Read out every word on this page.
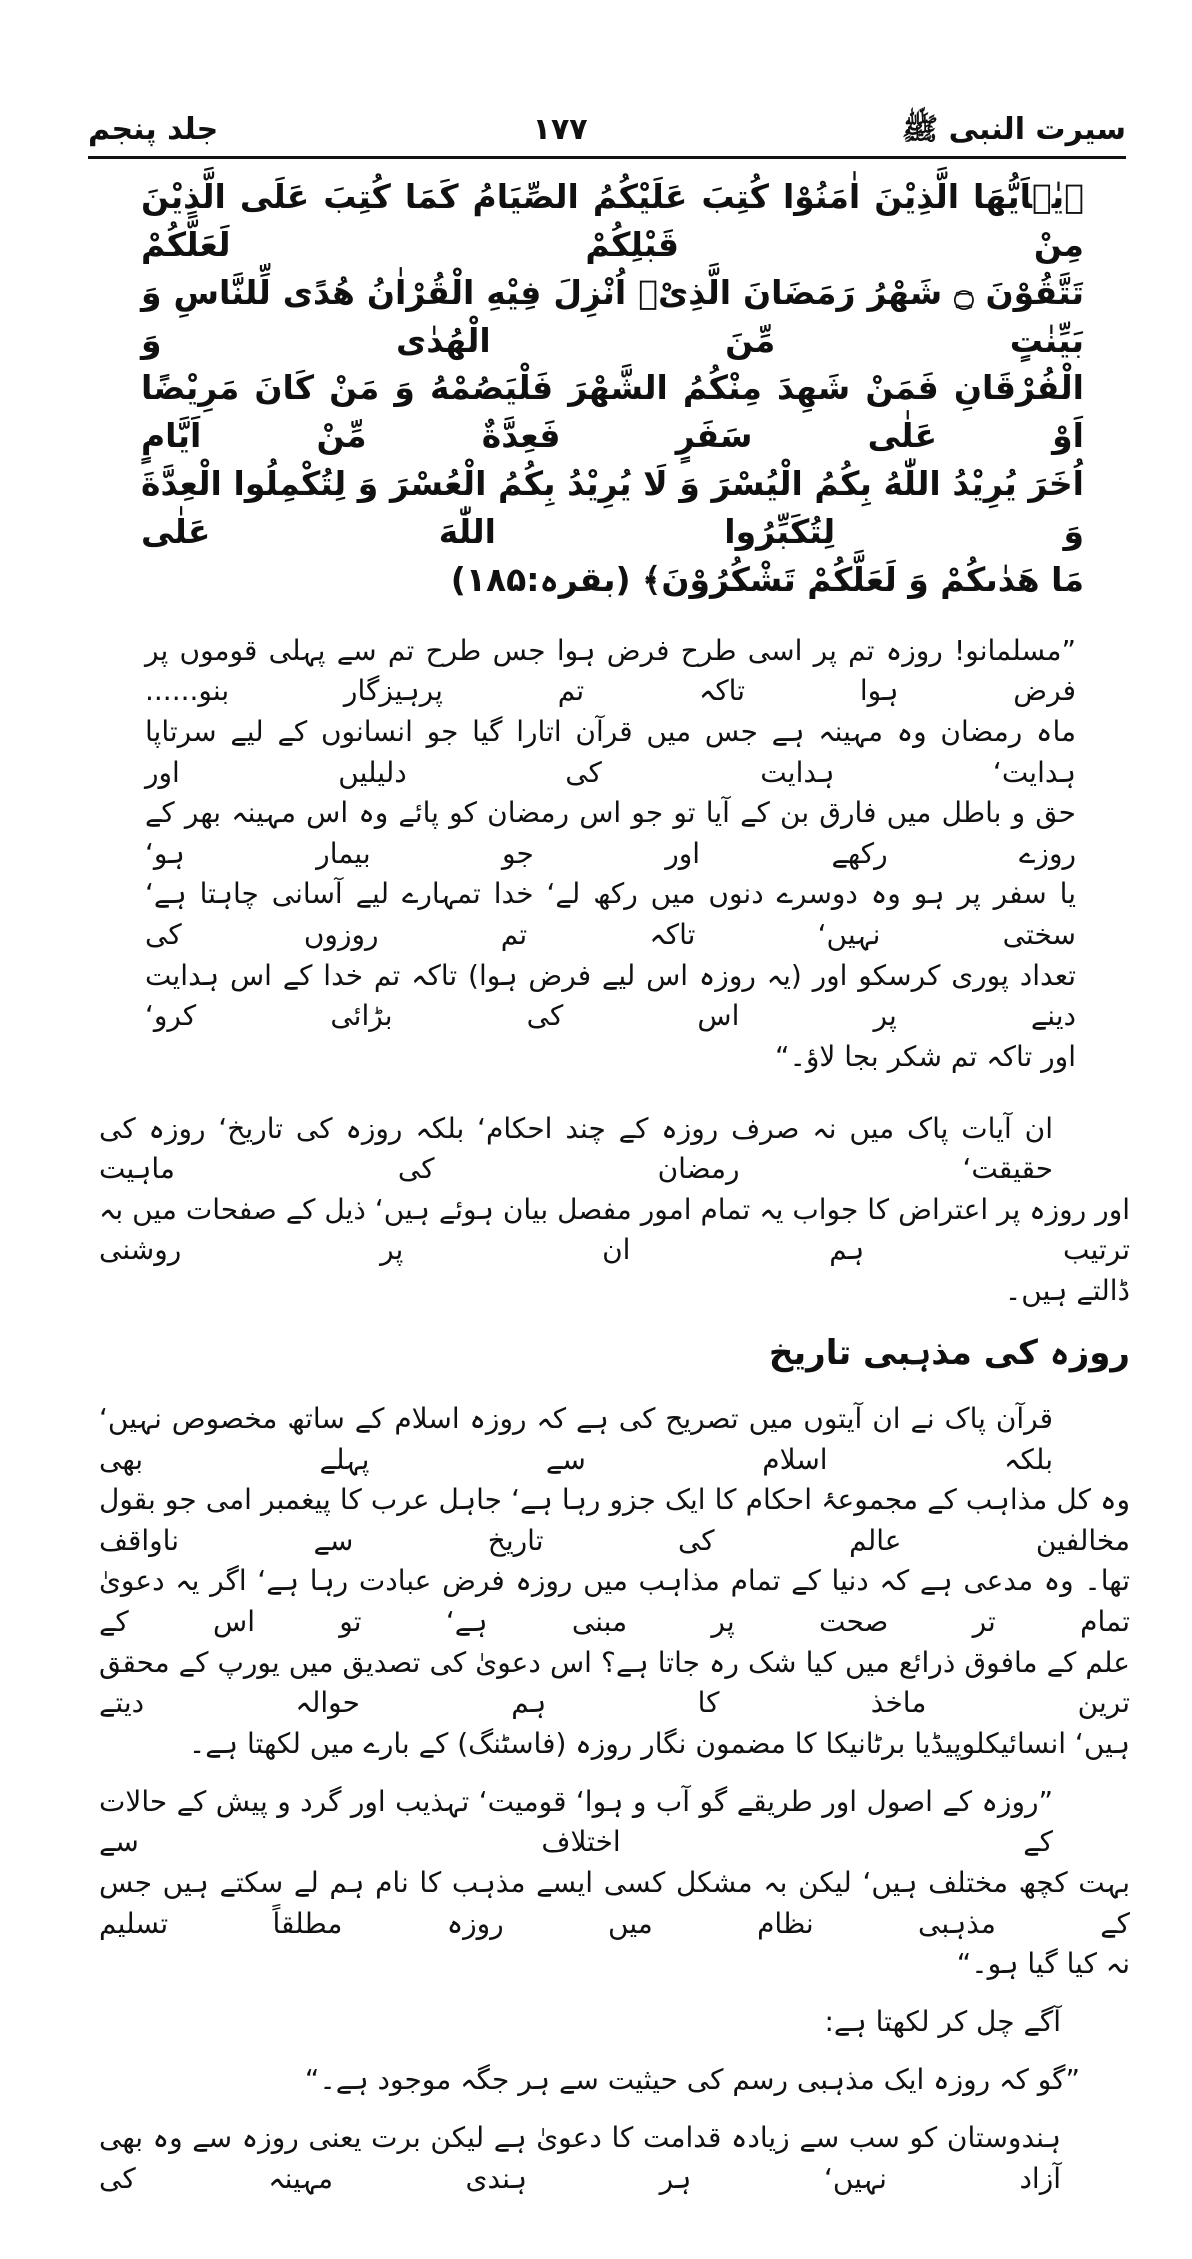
سیرت النبی ﷺ
۱۷۷
جلد پنجم
﴿یٰۤاَیُّهَا الَّذِیْنَ اٰمَنُوْا كُتِبَ عَلَیْكُمُ الصِّیَامُ كَمَا كُتِبَ عَلَى الَّذِیْنَ مِنْ قَبْلِكُمْ لَعَلَّكُمْ
تَتَّقُوْنَ ۝ شَهْرُ رَمَضَانَ الَّذِیْۤ اُنْزِلَ فِیْهِ الْقُرْاٰنُ هُدًى لِّلنَّاسِ وَ بَیِّنٰتٍ مِّنَ الْهُدٰى وَ
الْفُرْقَانِ فَمَنْ شَهِدَ مِنْكُمُ الشَّهْرَ فَلْیَصُمْهُ وَ مَنْ كَانَ مَرِیْضًا اَوْ عَلٰى سَفَرٍ فَعِدَّةٌ مِّنْ اَیَّامٍ
اُخَرَ یُرِیْدُ اللّٰهُ بِكُمُ الْیُسْرَ وَ لَا یُرِیْدُ بِكُمُ الْعُسْرَ وَ لِتُكْمِلُوا الْعِدَّةَ وَ لِتُكَبِّرُوا اللّٰهَ عَلٰى
مَا هَدٰىكُمْ وَ لَعَلَّكُمْ تَشْكُرُوْنَ﴾ (بقرہ:۱۸۵)
”مسلمانو! روزہ تم پر اسی طرح فرض ہوا جس طرح تم سے پہلی قوموں پر فرض ہوا تاکہ تم پرہیزگار بنو......
ماہ رمضان وہ مہینہ ہے جس میں قرآن اتارا گیا جو انسانوں کے لیے سرتاپا ہدایت‘ ہدایت کی دلیلیں اور
حق و باطل میں فارق بن کے آیا تو جو اس رمضان کو پائے وہ اس مہینہ بھر کے روزے رکھے اور جو بیمار ہو‘
یا سفر پر ہو وہ دوسرے دنوں میں رکھ لے‘ خدا تمہارے لیے آسانی چاہتا ہے‘ سختی نہیں‘ تاکہ تم روزوں کی
تعداد پوری کرسکو اور (یہ روزہ اس لیے فرض ہوا) تاکہ تم خدا کے اس ہدایت دینے پر اس کی بڑائی کرو‘
اور تاکہ تم شکر بجا لاؤ۔“
ان آیات پاک میں نہ صرف روزہ کے چند احکام‘ بلکہ روزہ کی تاریخ‘ روزہ کی حقیقت‘ رمضان کی ماہیت
اور روزہ پر اعتراض کا جواب یہ تمام امور مفصل بیان ہوئے ہیں‘ ذیل کے صفحات میں بہ ترتیب ہم ان پر روشنی
ڈالتے ہیں۔
روزہ کی مذہبی تاریخ
قرآن پاک نے ان آیتوں میں تصریح کی ہے کہ روزہ اسلام کے ساتھ مخصوص نہیں‘ بلکہ اسلام سے پہلے بھی
وہ کل مذاہب کے مجموعۂ احکام کا ایک جزو رہا ہے‘ جاہل عرب کا پیغمبر امی جو بقول مخالفین عالم کی تاریخ سے ناواقف
تھا۔ وہ مدعی ہے کہ دنیا کے تمام مذاہب میں روزہ فرض عبادت رہا ہے‘ اگر یہ دعویٰ تمام تر صحت پر مبنی ہے‘ تو اس کے
علم کے مافوق ذرائع میں کیا شک رہ جاتا ہے؟ اس دعویٰ کی تصدیق میں یورپ کے محقق ترین ماخذ کا ہم حوالہ دیتے
ہیں‘ انسائیکلوپیڈیا برٹانیکا کا مضمون نگار روزہ (فاسٹنگ) کے بارے میں لکھتا ہے۔
”روزہ کے اصول اور طریقے گو آب و ہوا‘ قومیت‘ تہذیب اور گرد و پیش کے حالات کے اختلاف سے
بہت کچھ مختلف ہیں‘ لیکن بہ مشکل کسی ایسے مذہب کا نام ہم لے سکتے ہیں جس کے مذہبی نظام میں روزہ مطلقاً تسلیم
نہ کیا گیا ہو۔“
آگے چل کر لکھتا ہے:
”گو کہ روزہ ایک مذہبی رسم کی حیثیت سے ہر جگہ موجود ہے۔“
ہندوستان کو سب سے زیادہ قدامت کا دعویٰ ہے لیکن برت یعنی روزہ سے وہ بھی آزاد نہیں‘ ہر ہندی مہینہ کی
